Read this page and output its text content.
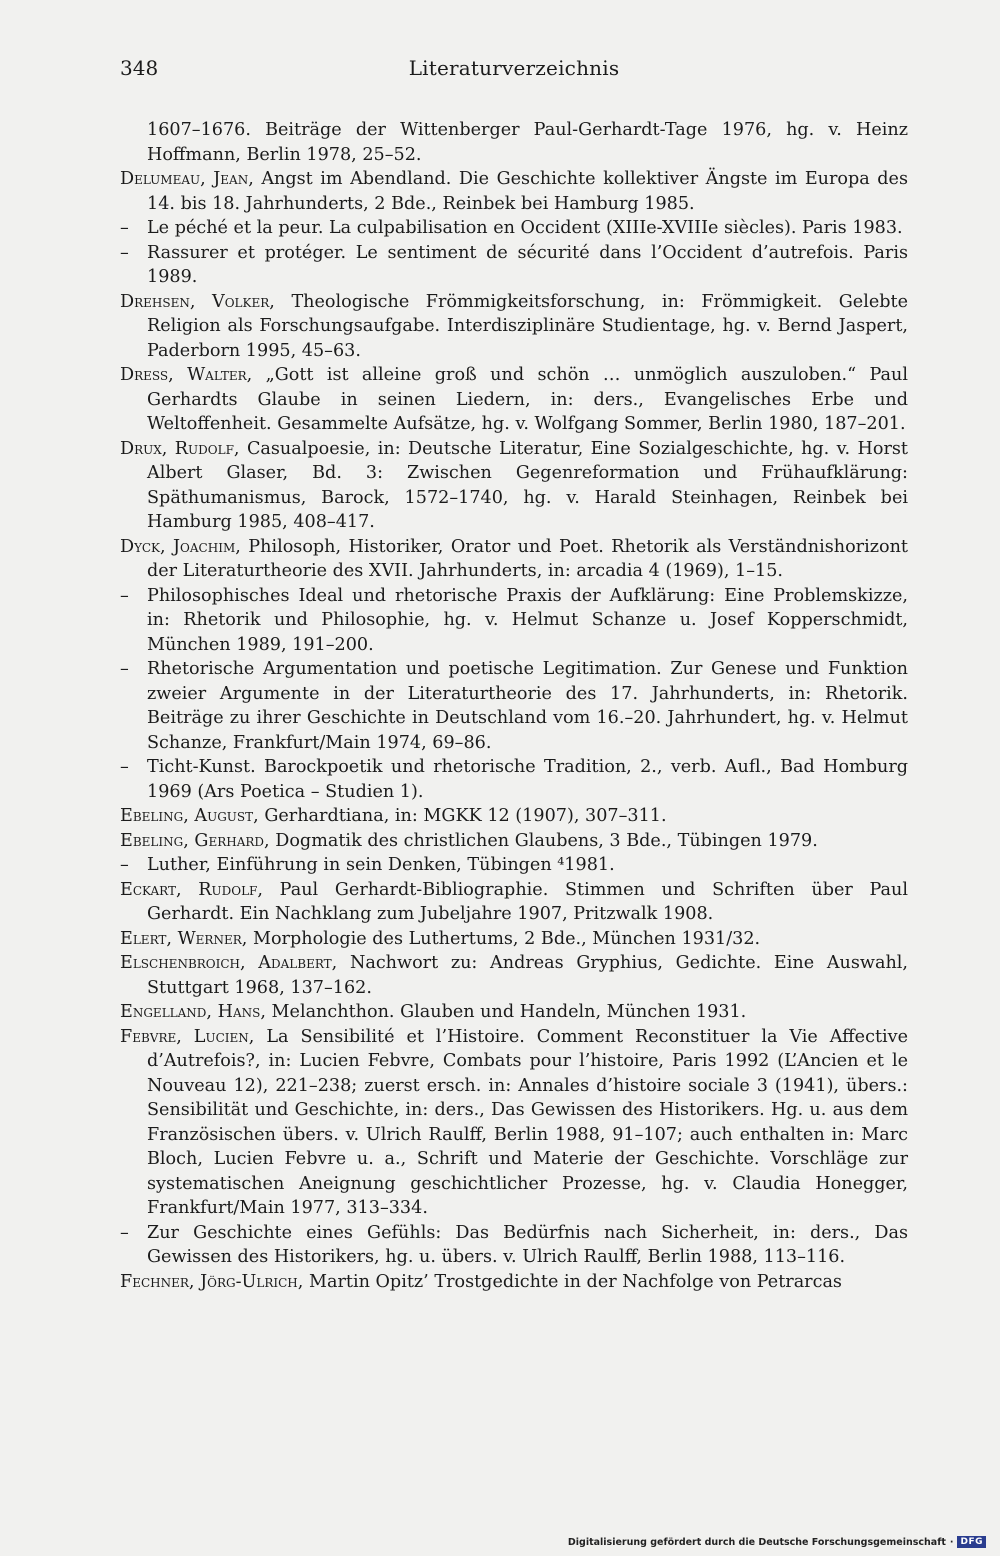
348	Literaturverzeichnis

1607–1676. Beiträge der Wittenberger Paul-Gerhardt-Tage 1976, hg. v. Heinz Hoffmann, Berlin 1978, 25–52.

Delumeau, Jean, Angst im Abendland. Die Geschichte kollektiver Ängste im Europa des 14. bis 18. Jahrhunderts, 2 Bde., Reinbek bei Hamburg 1985.

– Le péché et la peur. La culpabilisation en Occident (XIIIe-XVIIIe siècles). Paris 1983.

– Rassurer et protéger. Le sentiment de sécurité dans l’Occident d’autrefois. Paris 1989.

Drehsen, Volker, Theologische Frömmigkeitsforschung, in: Frömmigkeit. Gelebte Religion als Forschungsaufgabe. Interdisziplinäre Studientage, hg. v. Bernd Jaspert, Paderborn 1995, 45–63.

Dress, Walter, „Gott ist alleine groß und schön … unmöglich auszuloben.“ Paul Gerhardts Glaube in seinen Liedern, in: ders., Evangelisches Erbe und Weltoffenheit. Gesammelte Aufsätze, hg. v. Wolfgang Sommer, Berlin 1980, 187–201.

Drux, Rudolf, Casualpoesie, in: Deutsche Literatur, Eine Sozialgeschichte, hg. v. Horst Albert Glaser, Bd. 3: Zwischen Gegenreformation und Frühaufklärung: Späthumanismus, Barock, 1572–1740, hg. v. Harald Steinhagen, Reinbek bei Hamburg 1985, 408–417.

Dyck, Joachim, Philosoph, Historiker, Orator und Poet. Rhetorik als Verständnishorizont der Literaturtheorie des XVII. Jahrhunderts, in: arcadia 4 (1969), 1–15.

– Philosophisches Ideal und rhetorische Praxis der Aufklärung: Eine Problemskizze, in: Rhetorik und Philosophie, hg. v. Helmut Schanze u. Josef Kopperschmidt, München 1989, 191–200.

– Rhetorische Argumentation und poetische Legitimation. Zur Genese und Funktion zweier Argumente in der Literaturtheorie des 17. Jahrhunderts, in: Rhetorik. Beiträge zu ihrer Geschichte in Deutschland vom 16.–20. Jahrhundert, hg. v. Helmut Schanze, Frankfurt/Main 1974, 69–86.

– Ticht-Kunst. Barockpoetik und rhetorische Tradition, 2., verb. Aufl., Bad Homburg 1969 (Ars Poetica – Studien 1).

Ebeling, August, Gerhardtiana, in: MGKK 12 (1907), 307–311.

Ebeling, Gerhard, Dogmatik des christlichen Glaubens, 3 Bde., Tübingen 1979.

– Luther, Einführung in sein Denken, Tübingen ⁴1981.

Eckart, Rudolf, Paul Gerhardt-Bibliographie. Stimmen und Schriften über Paul Gerhardt. Ein Nachklang zum Jubeljahre 1907, Pritzwalk 1908.

Elert, Werner, Morphologie des Luthertums, 2 Bde., München 1931/32.

Elschenbroich, Adalbert, Nachwort zu: Andreas Gryphius, Gedichte. Eine Auswahl, Stuttgart 1968, 137–162.

Engelland, Hans, Melanchthon. Glauben und Handeln, München 1931.

Febvre, Lucien, La Sensibilité et l’Histoire. Comment Reconstituer la Vie Affective d’Autrefois?, in: Lucien Febvre, Combats pour l’histoire, Paris 1992 (L’Ancien et le Nouveau 12), 221–238; zuerst ersch. in: Annales d’histoire sociale 3 (1941), übers.: Sensibilität und Geschichte, in: ders., Das Gewissen des Historikers. Hg. u. aus dem Französischen übers. v. Ulrich Raulff, Berlin 1988, 91–107; auch enthalten in: Marc Bloch, Lucien Febvre u. a., Schrift und Materie der Geschichte. Vorschläge zur systematischen Aneignung geschichtlicher Prozesse, hg. v. Claudia Honegger, Frankfurt/Main 1977, 313–334.

– Zur Geschichte eines Gefühls: Das Bedürfnis nach Sicherheit, in: ders., Das Gewissen des Historikers, hg. u. übers. v. Ulrich Raulff, Berlin 1988, 113–116.

Fechner, Jörg-Ulrich, Martin Opitz’ Trostgedichte in der Nachfolge von Petrarcas

Digitalisierung gefördert durch die Deutsche Forschungsgemeinschaft · DFG
